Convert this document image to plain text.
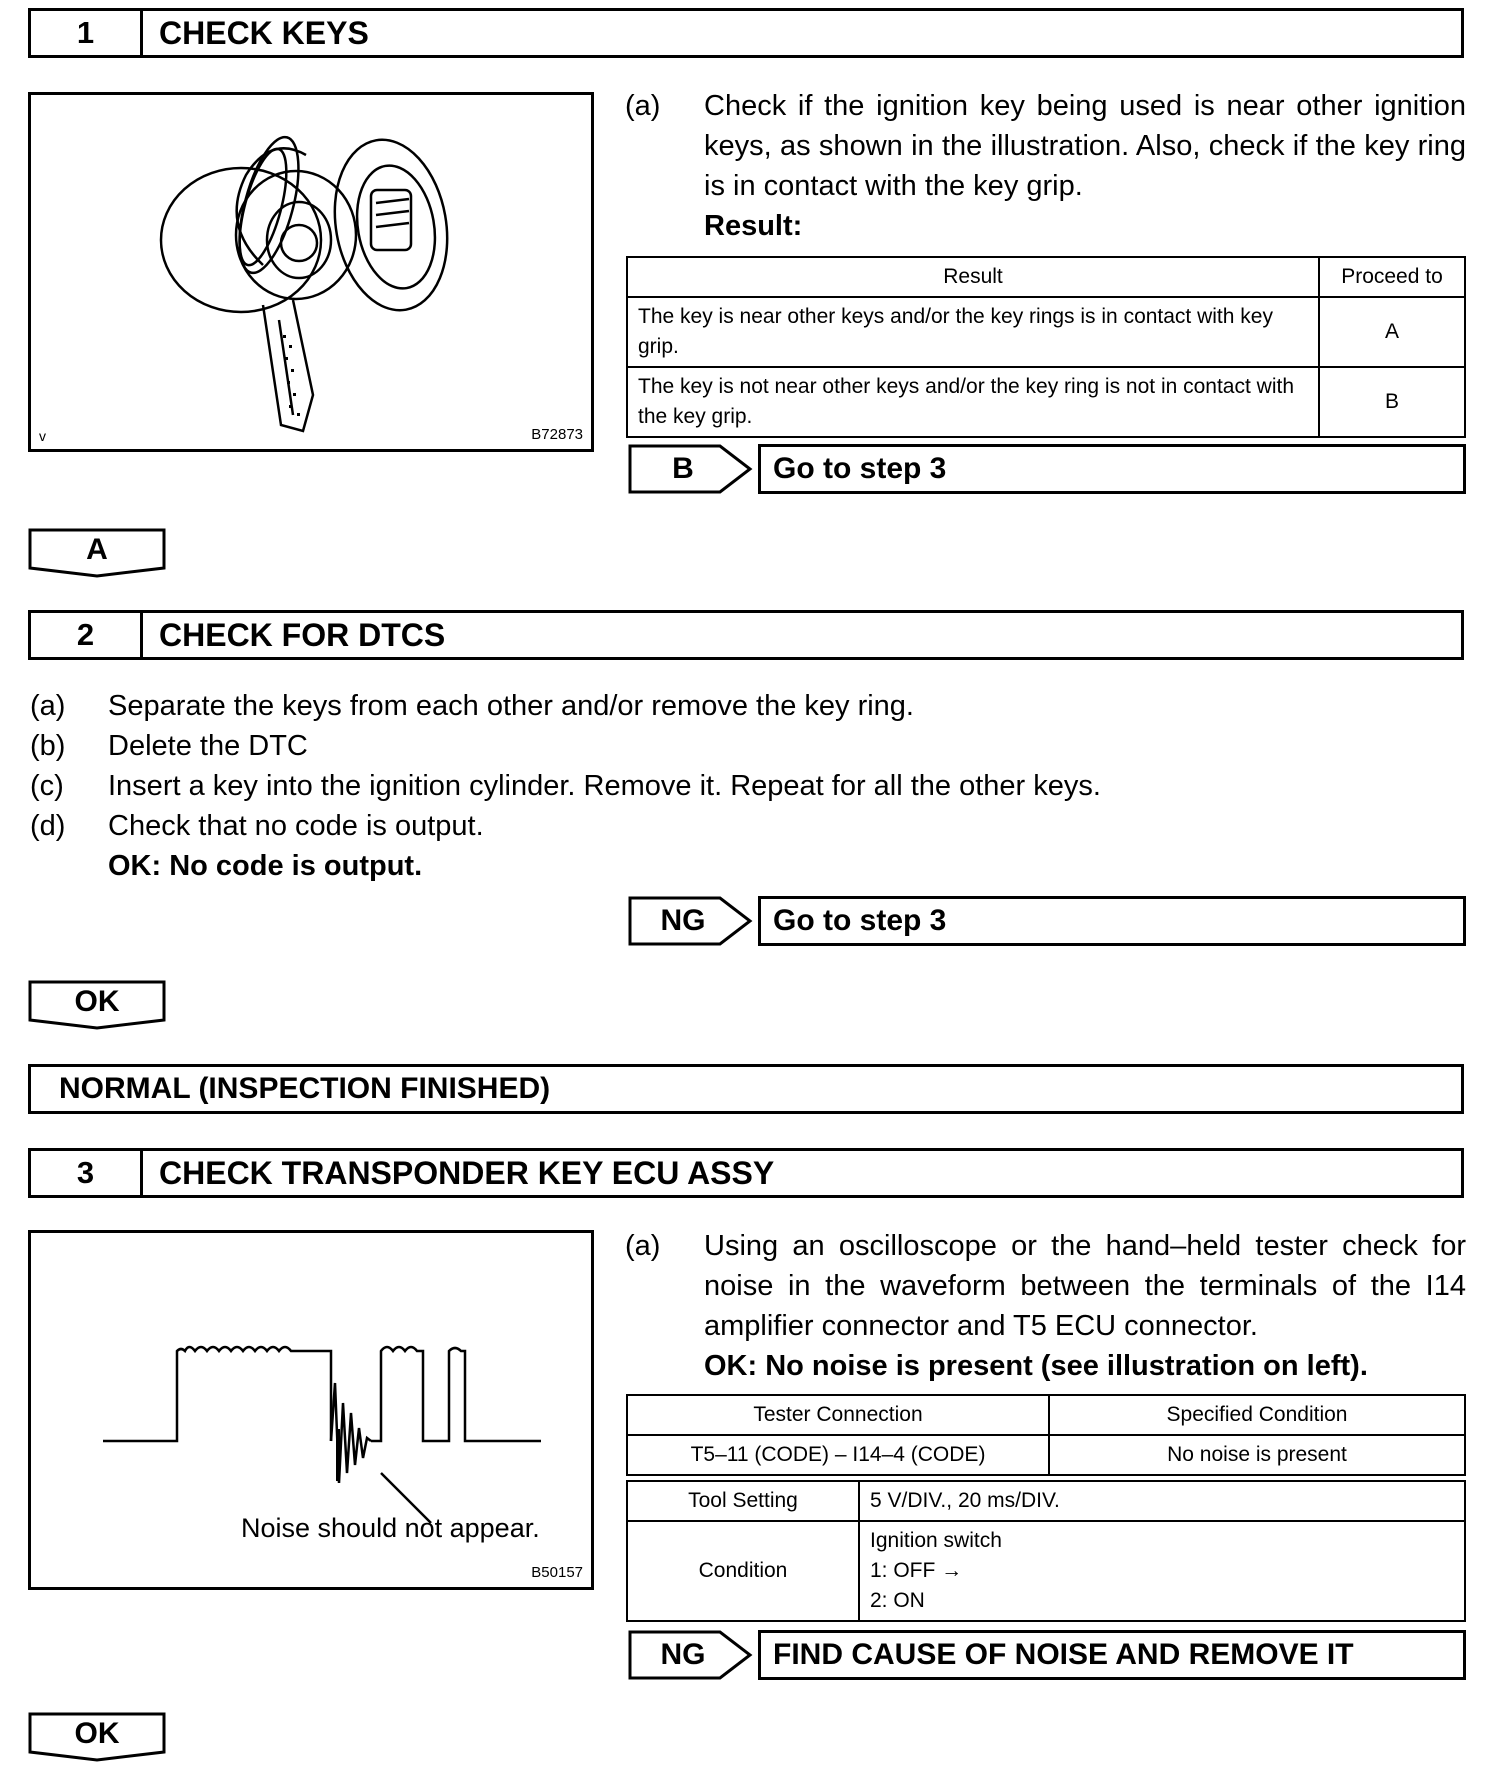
1	CHECK KEYS
v	B72873
(a) Check if the ignition key being used is near other ignition keys, as shown in the illustration. Also, check if the key ring is in contact with the key grip.
Result:
Result	Proceed to
The key is near other keys and/or the key rings is in contact with key grip.	A
The key is not near other keys and/or the key ring is not in contact with the key grip.	B
B	Go to step 3
A
2	CHECK FOR DTCS
(a) Separate the keys from each other and/or remove the key ring.
(b) Delete the DTC
(c) Insert a key into the ignition cylinder. Remove it. Repeat for all the other keys.
(d) Check that no code is output.
OK: No code is output.
NG	Go to step 3
OK
NORMAL (INSPECTION FINISHED)
3	CHECK TRANSPONDER KEY ECU ASSY
Noise should not appear.
B50157
(a) Using an oscilloscope or the hand–held tester check for noise in the waveform between the terminals of the I14 amplifier connector and T5 ECU connector.
OK: No noise is present (see illustration on left).
Tester Connection	Specified Condition
T5–11 (CODE) – I14–4 (CODE)	No noise is present
Tool Setting	5 V/DIV., 20 ms/DIV.
Condition	Ignition switch
1: OFF →
2: ON
NG	FIND CAUSE OF NOISE AND REMOVE IT
OK
